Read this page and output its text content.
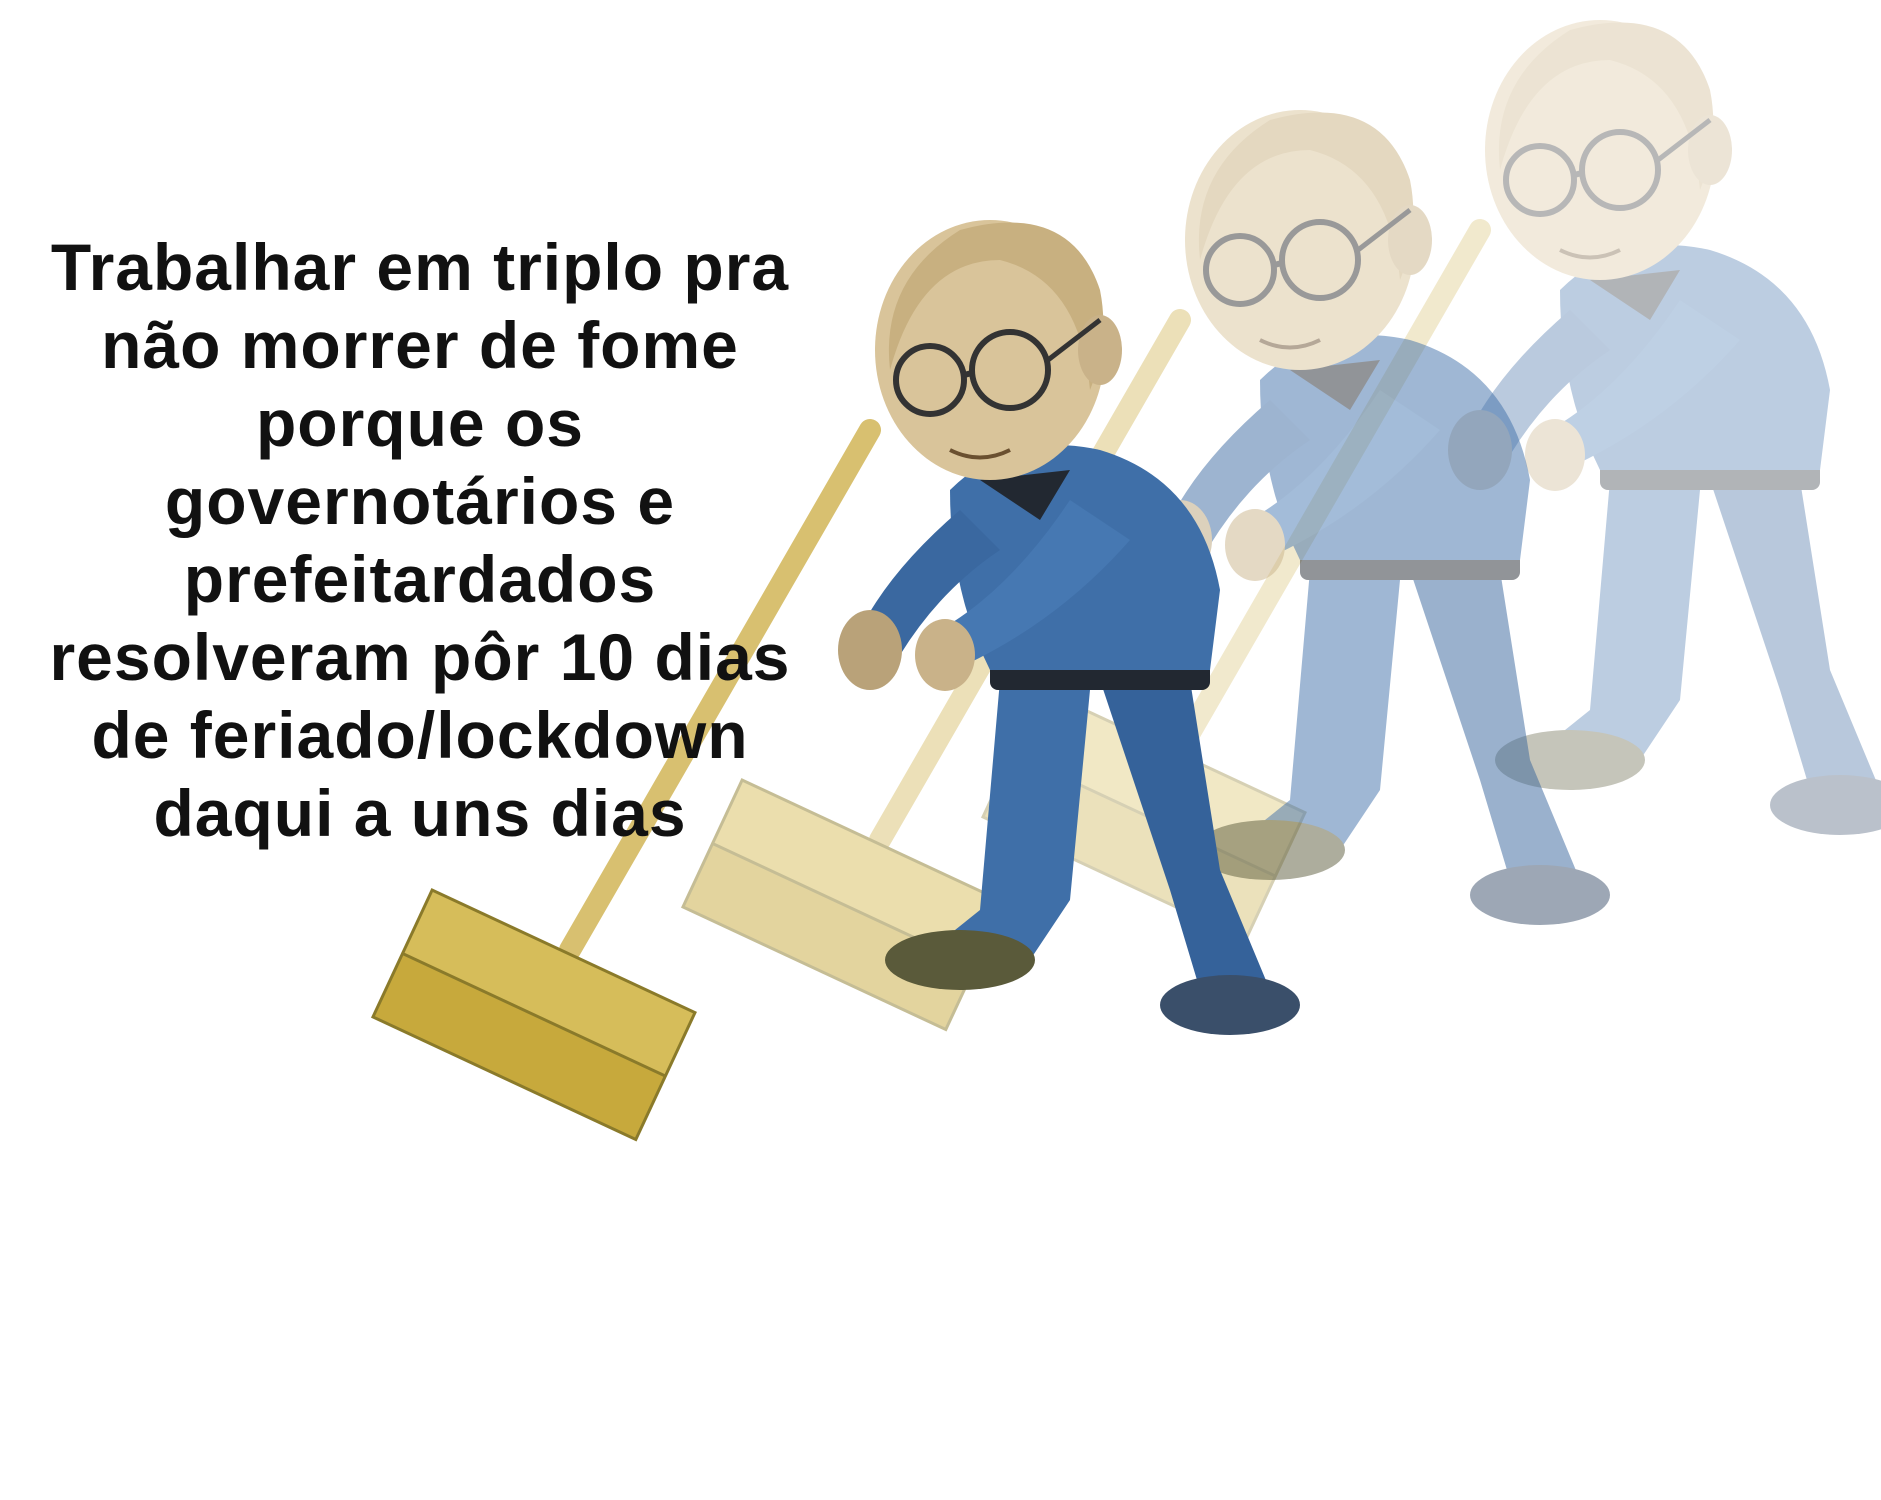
Trabalhar em triplo pra
não morrer de fome
porque os
governotários e
prefeitardados
resolveram pôr 10 dias
de feriado/lockdown
daqui a uns dias
